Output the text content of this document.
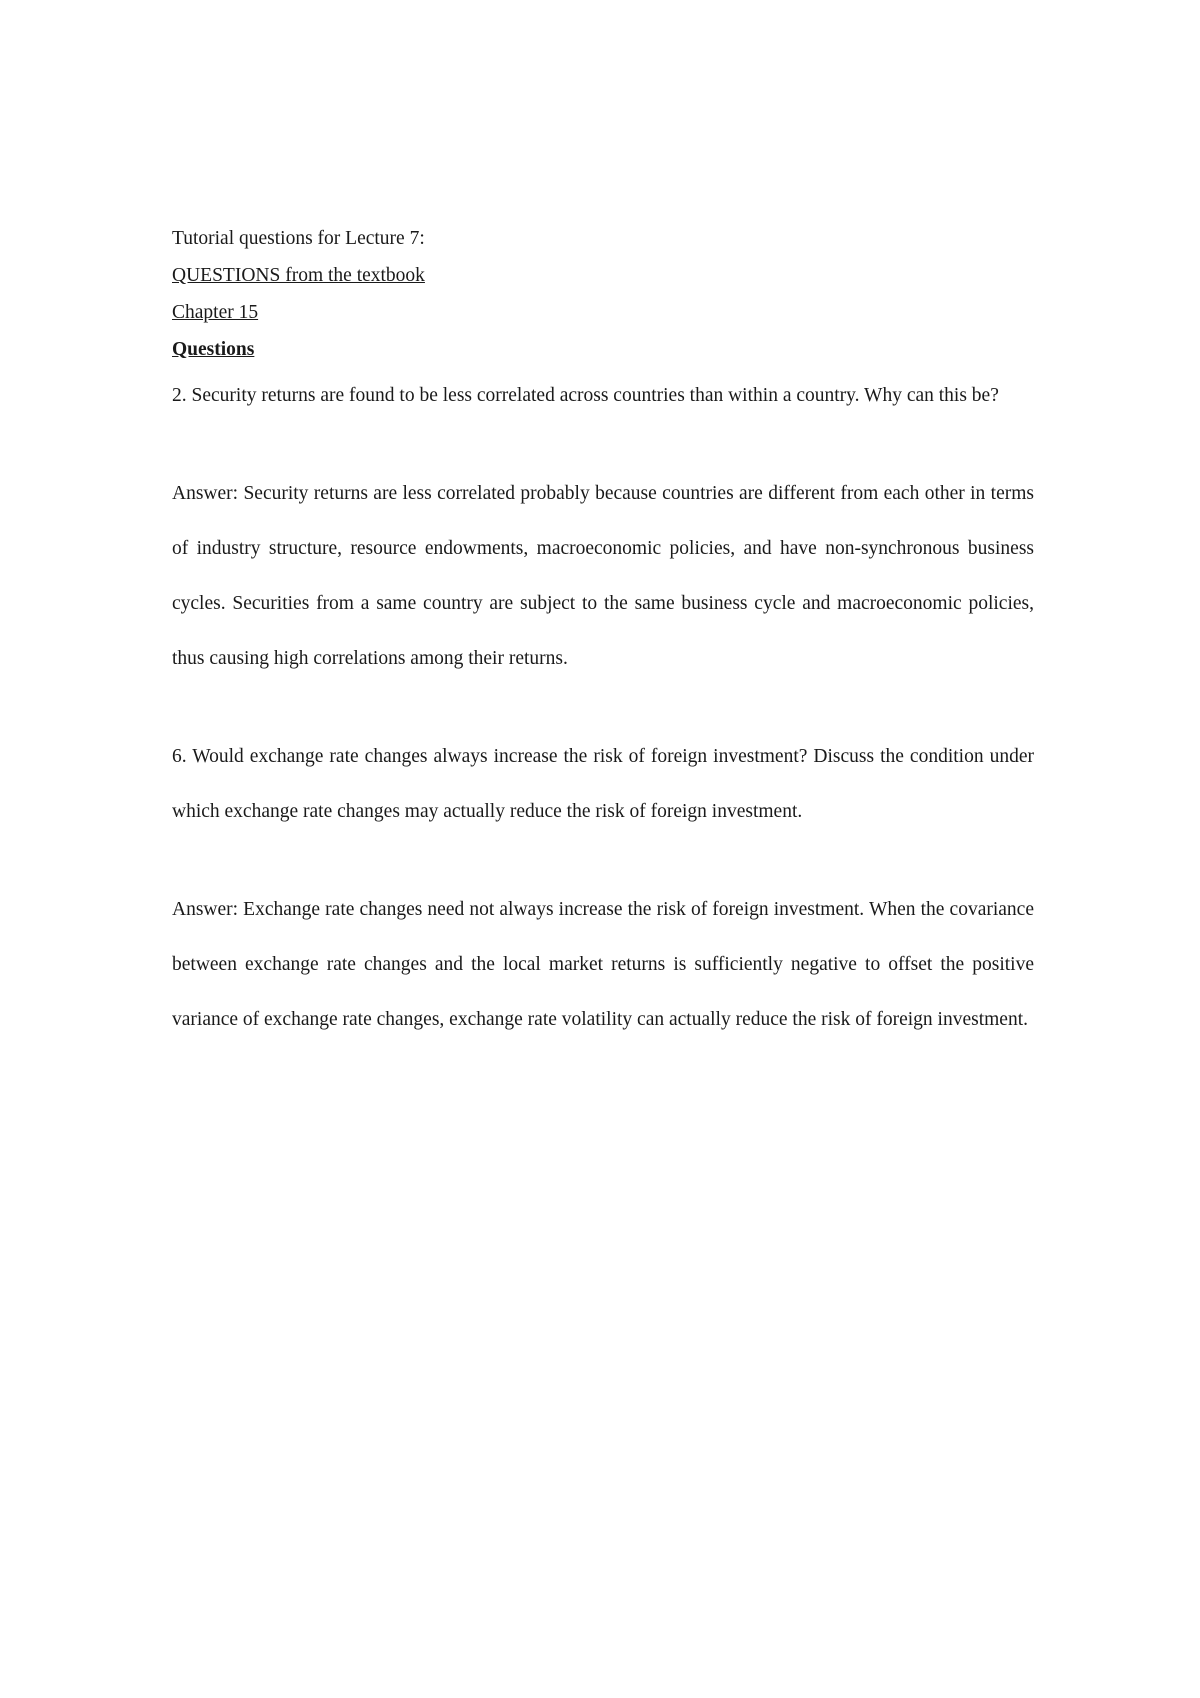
Tutorial questions for Lecture 7:

QUESTIONS from the textbook

Chapter 15

Questions

2. Security returns are found to be less correlated across countries than within a country. Why can this be?

Answer: Security returns are less correlated probably because countries are different from each other in terms of industry structure, resource endowments, macroeconomic policies, and have non-synchronous business cycles. Securities from a same country are subject to the same business cycle and macroeconomic policies, thus causing high correlations among their returns.

6. Would exchange rate changes always increase the risk of foreign investment? Discuss the condition under which exchange rate changes may actually reduce the risk of foreign investment.

Answer: Exchange rate changes need not always increase the risk of foreign investment. When the covariance between exchange rate changes and the local market returns is sufficiently negative to offset the positive variance of exchange rate changes, exchange rate volatility can actually reduce the risk of foreign investment.
